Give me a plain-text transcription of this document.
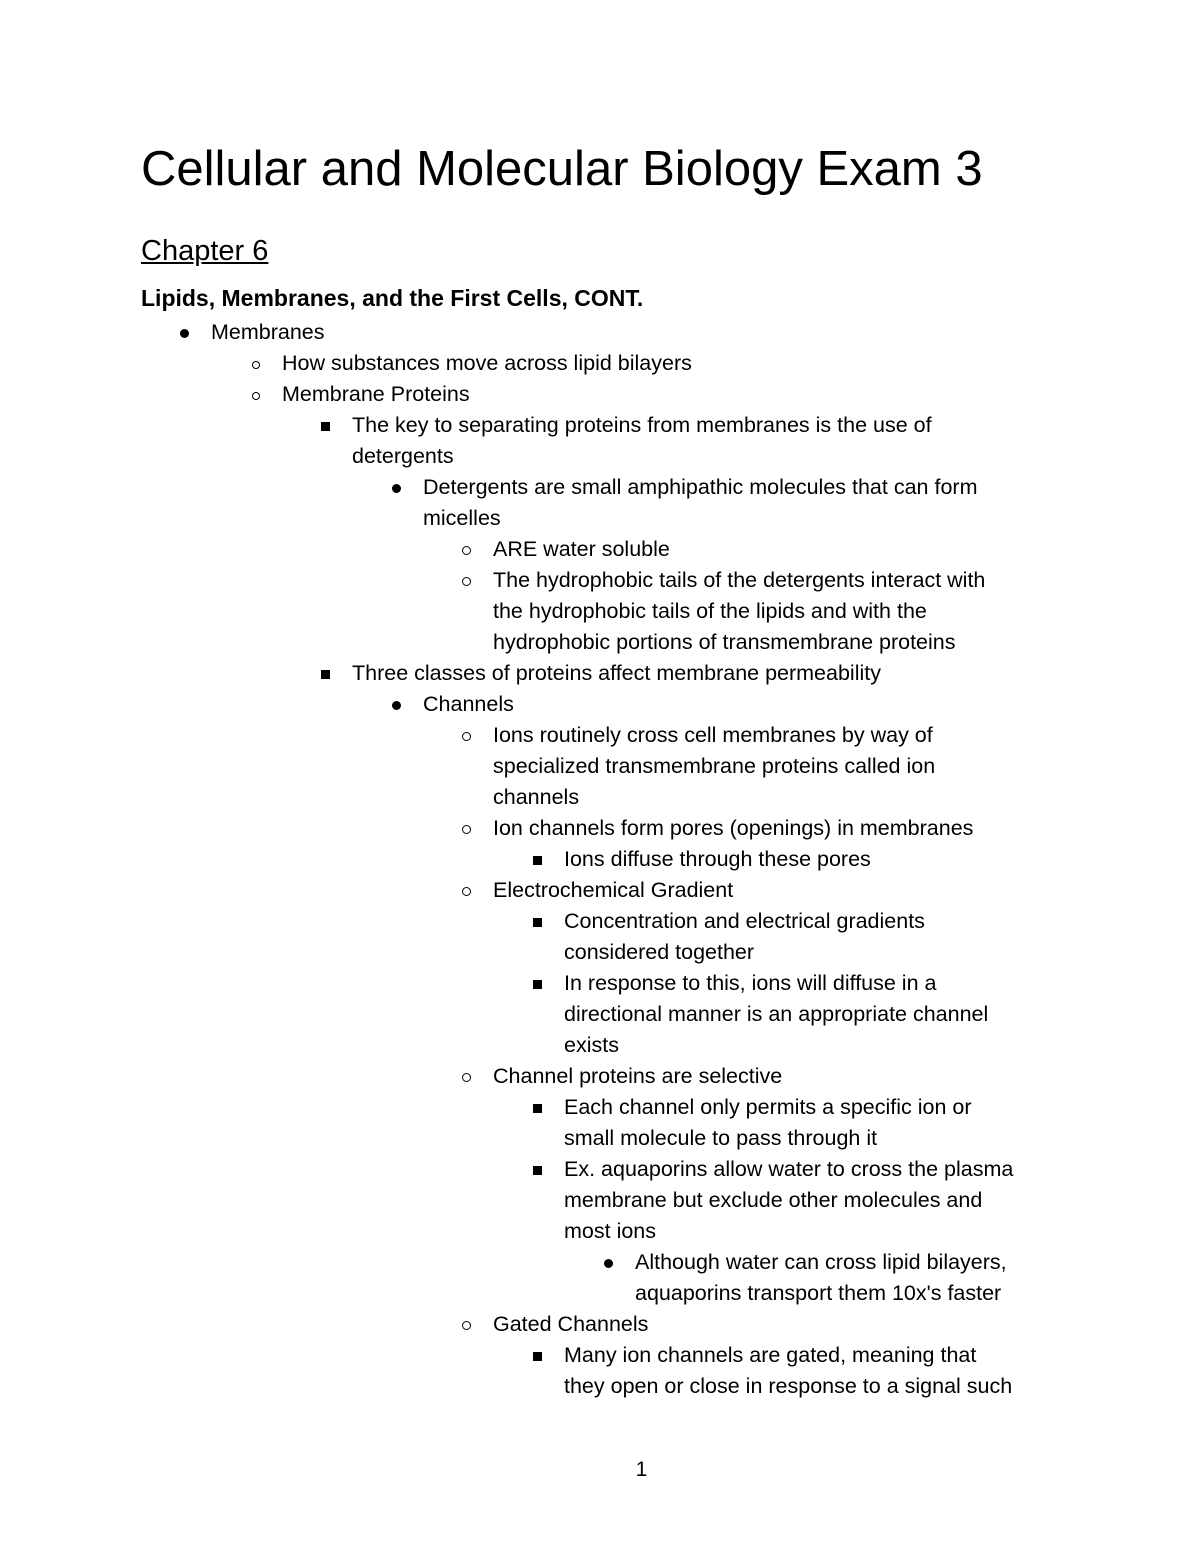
Cellular and Molecular Biology Exam 3
Chapter 6
Lipids, Membranes, and the First Cells, CONT.
Membranes
How substances move across lipid bilayers
Membrane Proteins
The key to separating proteins from membranes is the use of
detergents
Detergents are small amphipathic molecules that can form
micelles
ARE water soluble
The hydrophobic tails of the detergents interact with
the hydrophobic tails of the lipids and with the
hydrophobic portions of transmembrane proteins
Three classes of proteins affect membrane permeability
Channels
Ions routinely cross cell membranes by way of
specialized transmembrane proteins called ion
channels
Ion channels form pores (openings) in membranes
Ions diffuse through these pores
Electrochemical Gradient
Concentration and electrical gradients
considered together
In response to this, ions will diffuse in a
directional manner is an appropriate channel
exists
Channel proteins are selective
Each channel only permits a specific ion or
small molecule to pass through it
Ex. aquaporins allow water to cross the plasma
membrane but exclude other molecules and
most ions
Although water can cross lipid bilayers,
aquaporins transport them 10x's faster
Gated Channels
Many ion channels are gated, meaning that
they open or close in response to a signal such
1
